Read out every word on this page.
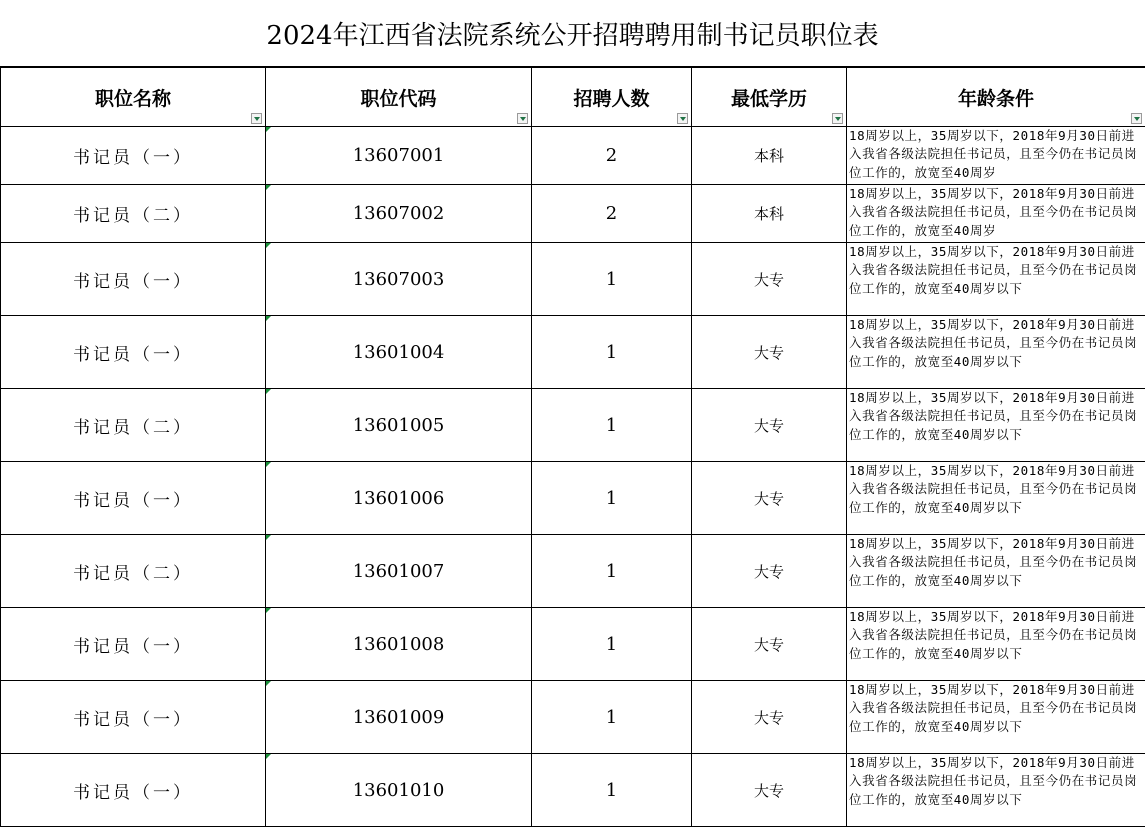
2024年江西省法院系统公开招聘聘用制书记员职位表
职位名称	职位代码	招聘人数	最低学历	年龄条件

书记员（一）	13607001	2	本科	18周岁以上，35周岁以下，2018年9月30日前进入我省各级法院担任书记员，且至今仍在书记员岗位工作的，放宽至40周岁
书记员（二）	13607002	2	本科	18周岁以上，35周岁以下，2018年9月30日前进入我省各级法院担任书记员，且至今仍在书记员岗位工作的，放宽至40周岁
书记员（一）	13607003	1	大专	18周岁以上，35周岁以下，2018年9月30日前进入我省各级法院担任书记员，且至今仍在书记员岗位工作的，放宽至40周岁以下
书记员（一）	13601004	1	大专	18周岁以上，35周岁以下，2018年9月30日前进入我省各级法院担任书记员，且至今仍在书记员岗位工作的，放宽至40周岁以下
书记员（二）	13601005	1	大专	18周岁以上，35周岁以下，2018年9月30日前进入我省各级法院担任书记员，且至今仍在书记员岗位工作的，放宽至40周岁以下
书记员（一）	13601006	1	大专	18周岁以上，35周岁以下，2018年9月30日前进入我省各级法院担任书记员，且至今仍在书记员岗位工作的，放宽至40周岁以下
书记员（二）	13601007	1	大专	18周岁以上，35周岁以下，2018年9月30日前进入我省各级法院担任书记员，且至今仍在书记员岗位工作的，放宽至40周岁以下
书记员（一）	13601008	1	大专	18周岁以上，35周岁以下，2018年9月30日前进入我省各级法院担任书记员，且至今仍在书记员岗位工作的，放宽至40周岁以下
书记员（一）	13601009	1	大专	18周岁以上，35周岁以下，2018年9月30日前进入我省各级法院担任书记员，且至今仍在书记员岗位工作的，放宽至40周岁以下
书记员（一）	13601010	1	大专	18周岁以上，35周岁以下，2018年9月30日前进入我省各级法院担任书记员，且至今仍在书记员岗位工作的，放宽至40周岁以下
